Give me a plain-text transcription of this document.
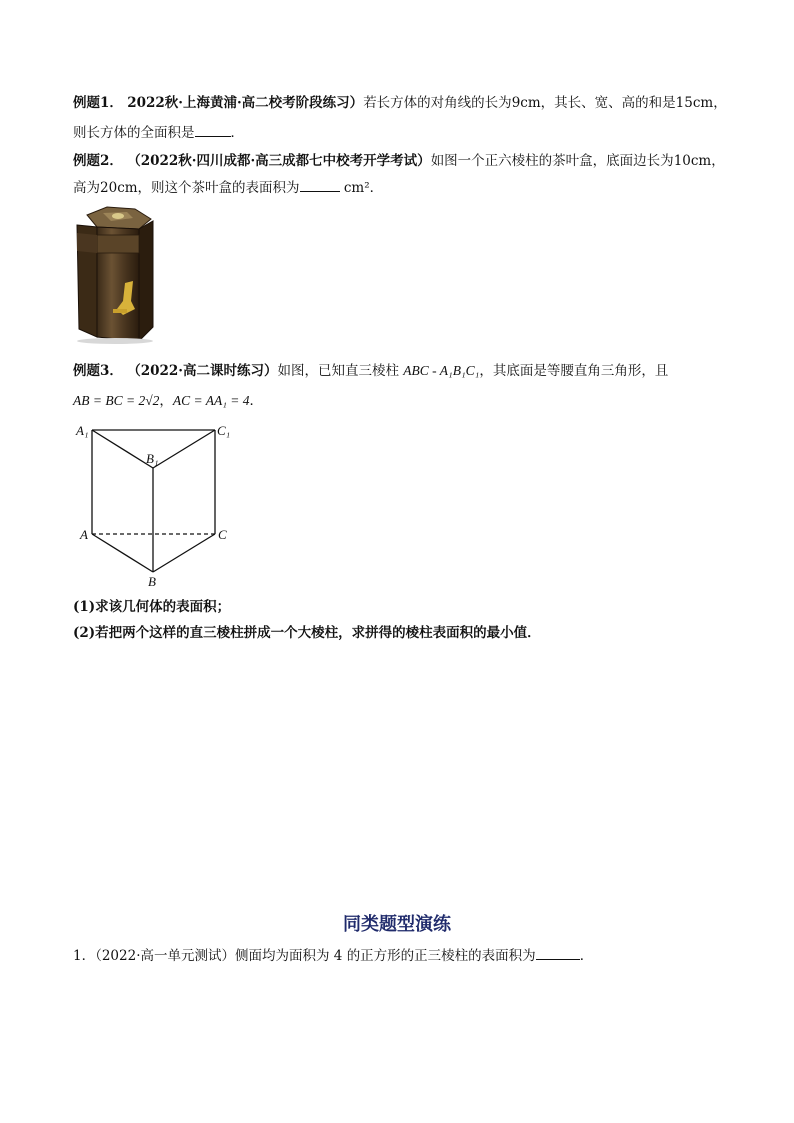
例题1． 2022秋·上海黄浦·高二校考阶段练习）若长方体的对角线的长为9cm，其长、宽、高的和是15cm，
则长方体的全面积是	．
例题2． （2022秋·四川成都·高三成都七中校考开学考试）如图一个正六棱柱的茶叶盒，底面边长为10cm，
高为20cm，则这个茶叶盒的表面积为	cm²．
例题3． （2022·高二课时练习）如图，已知直三棱柱 ABC - A₁B₁C₁，其底面是等腰直角三角形，且
AB = BC = 2√2，AC = AA₁ = 4．
A₁	C₁
B₁
A	C
B
(1)求该几何体的表面积；
(2)若把两个这样的直三棱柱拼成一个大棱柱，求拼得的棱柱表面积的最小值．
同类题型演练
1．（2022·高一单元测试）侧面均为面积为 4 的正方形的正三棱柱的表面积为	．
